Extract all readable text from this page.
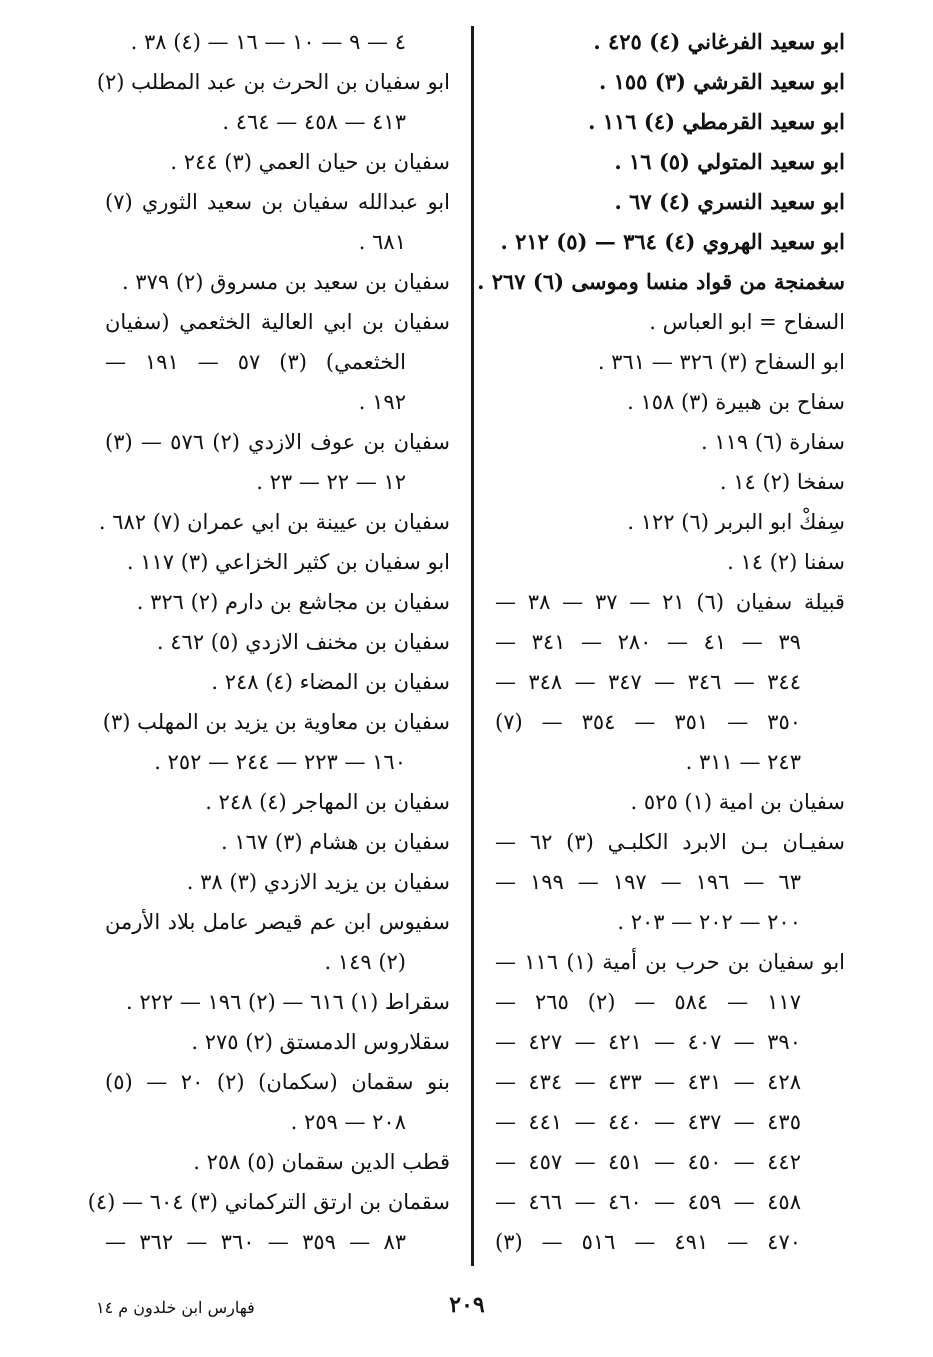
ابو سعيد الفرغاني (٤) ٤٢٥ .
ابو سعيد القرشي (٣) ١٥٥ .
ابو سعيد القرمطي (٤) ١١٦ .
ابو سعيد المتولي (٥) ١٦ .
ابو سعيد النسري (٤) ٦٧ .
ابو سعيد الهروي (٤) ٣٦٤ — (٥) ٢١٢ .
سغمنجة من قواد منسا وموسى (٦) ٢٦٧ .
السفاح = ابو العباس .
ابو السفاح (٣) ٣٢٦ — ٣٦١ .
سفاح بن هبيرة (٣) ١٥٨ .
سفارة (٦) ١١٩ .
سفخا (٢) ١٤ .
سِفكْ ابو البربر (٦) ١٢٢ .
سفنا (٢) ١٤ .
قبيلة سفيان (٦) ٢١ — ٣٧ — ٣٨ —
٣٩ — ٤١ — ٢٨٠ — ٣٤١ —
٣٤٤ — ٣٤٦ — ٣٤٧ — ٣٤٨ —
٣٥٠ — ٣٥١ — ٣٥٤ — (٧)
٢٤٣ — ٣١١ .
سفيان بن امية (١) ٥٢٥ .
سفيـان بـن الابرد الكلبـي (٣) ٦٢ —
٦٣ — ١٩٦ — ١٩٧ — ١٩٩ —
٢٠٠ — ٢٠٢ — ٢٠٣ .
ابو سفيان بن حرب بن أمية (١) ١١٦ —
١١٧ — ٥٨٤ — (٢) ٢٦٥ —
٣٩٠ — ٤٠٧ — ٤٢١ — ٤٢٧ —
٤٢٨ — ٤٣١ — ٤٣٣ — ٤٣٤ —
٤٣٥ — ٤٣٧ — ٤٤٠ — ٤٤١ —
٤٤٢ — ٤٥٠ — ٤٥١ — ٤٥٧ —
٤٥٨ — ٤٥٩ — ٤٦٠ — ٤٦٦ —
٤٧٠ — ٤٩١ — ٥١٦ — (٣)
٤ — ٩ — ١٠ — ١٦ — (٤) ٣٨ .
ابو سفيان بن الحرث بن عبد المطلب (٢)
٤١٣ — ٤٥٨ — ٤٦٤ .
سفيان بن حيان العمي (٣) ٢٤٤ .
ابو عبدالله سفيان بن سعيد الثوري (٧)
٦٨١ .
سفيان بن سعيد بن مسروق (٢) ٣٧٩ .
سفيان بن ابي العالية الخثعمي (سفيان
الخثعمي) (٣) ٥٧ — ١٩١ —
١٩٢ .
سفيان بن عوف الازدي (٢) ٥٧٦ — (٣)
١٢ — ٢٢ — ٢٣ .
سفيان بن عيينة بن ابي عمران (٧) ٦٨٢ .
ابو سفيان بن كثير الخزاعي (٣) ١١٧ .
سفيان بن مجاشع بن دارم (٢) ٣٢٦ .
سفيان بن مخنف الازدي (٥) ٤٦٢ .
سفيان بن المضاء (٤) ٢٤٨ .
سفيان بن معاوية بن يزيد بن المهلب (٣)
١٦٠ — ٢٢٣ — ٢٤٤ — ٢٥٢ .
سفيان بن المهاجر (٤) ٢٤٨ .
سفيان بن هشام (٣) ١٦٧ .
سفيان بن يزيد الازدي (٣) ٣٨ .
سفيوس ابن عم قيصر عامل بلاد الأرمن
(٢) ١٤٩ .
سقراط (١) ٦١٦ — (٢) ١٩٦ — ٢٢٢ .
سقلاروس الدمستق (٢) ٢٧٥ .
بنو سقمان (سكمان) (٢) ٢٠ — (٥)
٢٠٨ — ٢٥٩ .
قطب الدين سقمان (٥) ٢٥٨ .
سقمان بن ارتق التركماني (٣) ٦٠٤ — (٤)
٨٣ — ٣٥٩ — ٣٦٠ — ٣٦٢ —
٢٠٩
فهارس ابن خلدون م ١٤
